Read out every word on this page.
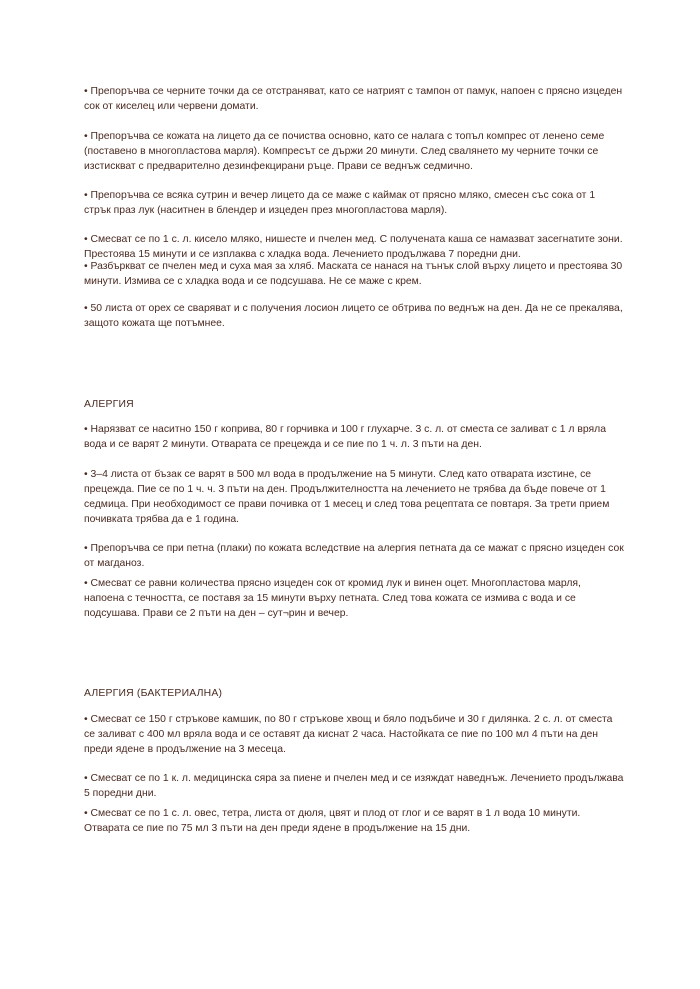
• Препоръчва се черните точки да се отстраняват, като се натрият с тампон от памук, напоен с прясно изцеден сок от киселец или червени домати.

• Препоръчва се кожата на лицето да се почиства основно, като се налага с топъл компрес от ленено семе (поставено в многопластова марля). Компресът се държи 20 минути. След свалянето му черните точки се изстискват с предварително дезинфекцирани ръце. Прави се веднъж седмично.

• Препоръчва се всяка сутрин и вечер лицето да се маже с каймак от прясно мляко, смесен със сока от 1 стрък праз лук (наситнен в блендер и изцеден през многопластова марля).

• Смесват се по 1 с. л. кисело мляко, нишесте и пчелен мед. С получената каша се намазват засегнатите зони. Престоява 15 минути и се изплаква с хладка вода. Лечението продължава 7 поредни дни.

• Разбъркват се пчелен мед и суха мая за хляб. Маската се нанася на тънък слой върху лицето и престоява 30 минути. Измива се с хладка вода и се подсушава. Не се маже с крем.

• 50 листа от орех се сваряват и с получения лосион лицето се обтрива по веднъж на ден. Да не се прекалява, защото кожата ще потъмнее.

АЛЕРГИЯ

• Нарязват се наситно 150 г коприва, 80 г горчивка и 100 г глухарче. 3 с. л. от сместа се заливат с 1 л вряла вода и се варят 2 минути. Отварата се прецежда и се пие по 1 ч. л. 3 пъти на ден.

• 3–4 листа от бъзак се варят в 500 мл вода в продължение на 5 минути. След като отварата изстине, се прецежда. Пие се по 1 ч. ч. 3 пъти на ден. Продължителността на лечението не трябва да бъде повече от 1 седмица. При необходимост се прави почивка от 1 месец и след това рецептата се повтаря. За трети прием почивката трябва да е 1 година.

• Препоръчва се при петна (плаки) по кожата вследствие на алергия петната да се мажат с прясно изцеден сок от магданоз.

• Смесват се равни количества прясно изцеден сок от кромид лук и винен оцет. Многопластова марля, напоена с течността, се поставя за 15 минути върху петната. След това кожата се измива с вода и се подсушава. Прави се 2 пъти на ден – сут¬рин и вечер.

АЛЕРГИЯ (БАКТЕРИАЛНА)

• Смесват се 150 г стръкове камшик, по 80 г стръкове хвощ и бяло подъбиче и 30 г дилянка. 2 с. л. от сместа се заливат с 400 мл вряла вода и се оставят да киснат 2 часа. Настойката се пие по 100 мл 4 пъти на ден преди ядене в продължение на 3 месеца.

• Смесват се по 1 к. л. медицинска сяра за пиене и пчелен мед и се изяждат наведнъж. Лечението продължава 5 поредни дни.

• Смесват се по 1 с. л. овес, тетра, листа от дюля, цвят и плод от глог и се варят в 1 л вода 10 минути. Отварата се пие по 75 мл 3 пъти на ден преди ядене в продължение на 15 дни.
